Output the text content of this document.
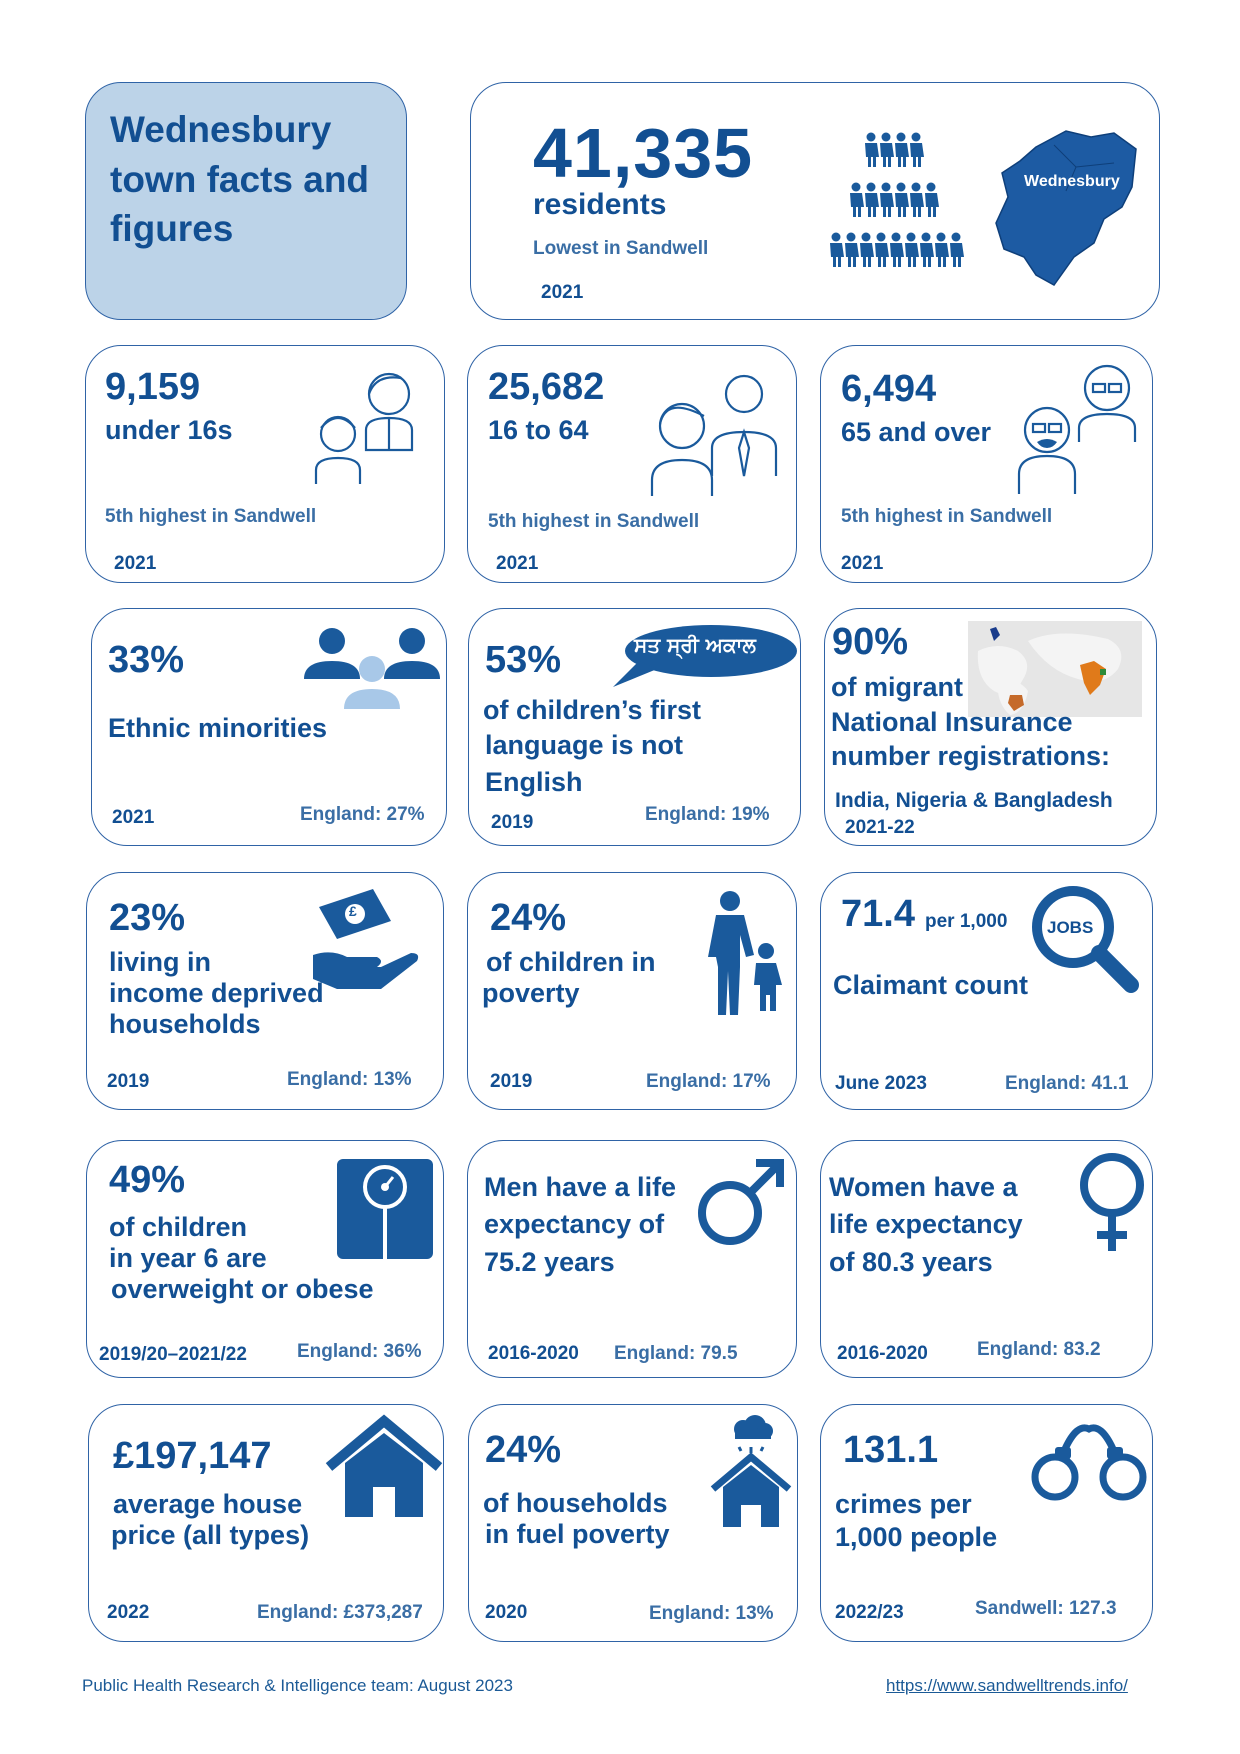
Wednesbury town facts and figures
41,335
residents
Lowest in Sandwell
2021
Wednesbury
9,159
under 16s
5th highest in Sandwell
2021
25,682
16 to 64
5th highest in Sandwell
2021
6,494
65 and over
5th highest in Sandwell
2021
33%
Ethnic minorities
2021	England: 27%
53%
of children’s first
language is not
English
2019	England: 19%
ਸਤ ਸ੍ਰੀ ਅਕਾਲ 90%
of migrant
National Insurance
number registrations:
India, Nigeria & Bangladesh
2021-22
23%
living in
income deprived
households
2019	England: 13%
£	24%
of children in
poverty
2019	England: 17%
71.4 per 1,000
Claimant count
June 2023	England: 41.1
JOBS
49%
of children
in year 6 are
overweight or obese
2019/20–2021/22	England: 36%
Men have a life
expectancy of
75.2 years
2016-2020 England: 79.5
Women have a
life expectancy
of 80.3 years
2016-2020	England: 83.2
£197,147
average house
price (all types)
2022	England: £373,287
24%
of households
in fuel poverty
2020	England: 13%
131.1
crimes per
1,000 people
2022/23	Sandwell: 127.3
Public Health Research & Intelligence team: August 2023	https://www.sandwelltrends.info/
